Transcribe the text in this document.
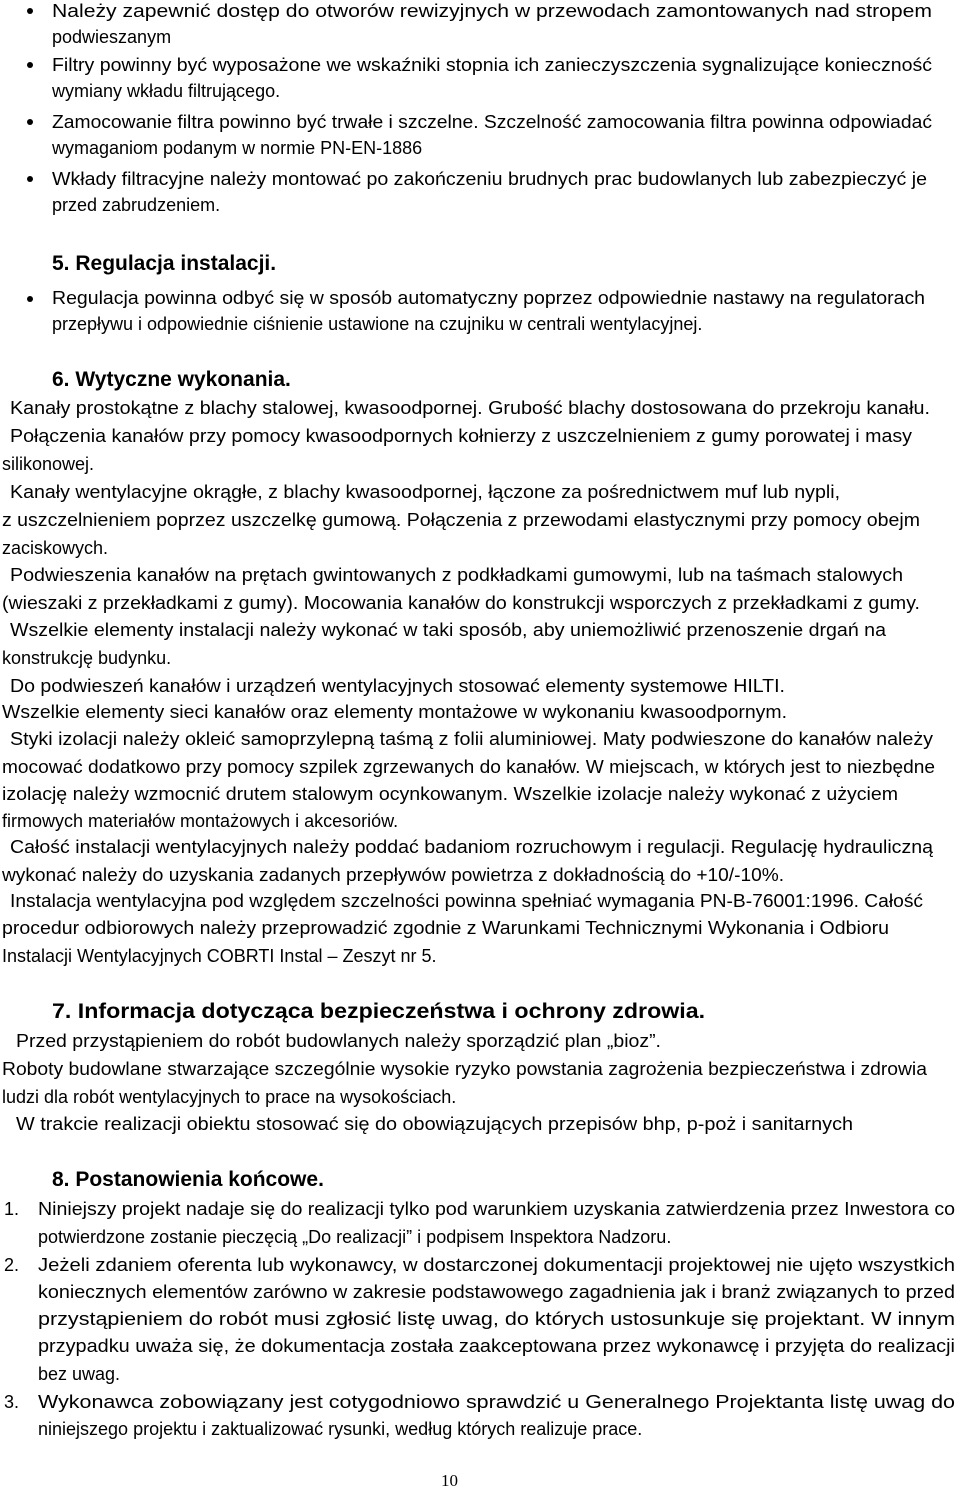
Należy zapewnić dostęp do otworów rewizyjnych w przewodach zamontowanych nad stropem
podwieszanym
Filtry powinny być wyposażone we wskaźniki stopnia ich zanieczyszczenia sygnalizujące konieczność
wymiany wkładu filtrującego.
Zamocowanie filtra powinno być trwałe i szczelne. Szczelność zamocowania filtra powinna odpowiadać
wymaganiom podanym w normie PN-EN-1886
Wkłady filtracyjne należy montować po zakończeniu brudnych prac budowlanych lub zabezpieczyć je
przed zabrudzeniem.
5. Regulacja instalacji.
Regulacja powinna odbyć się w sposób automatyczny poprzez odpowiednie nastawy na regulatorach
przepływu i odpowiednie ciśnienie ustawione na czujniku w centrali wentylacyjnej.
6. Wytyczne wykonania.
Kanały prostokątne z blachy stalowej, kwasoodpornej. Grubość blachy dostosowana do przekroju kanału.
Połączenia kanałów przy pomocy kwasoodpornych kołnierzy z uszczelnieniem z gumy porowatej i masy
silikonowej.
Kanały wentylacyjne okrągłe, z blachy kwasoodpornej, łączone za pośrednictwem muf lub nypli,
z uszczelnieniem poprzez uszczelkę gumową. Połączenia z przewodami elastycznymi przy pomocy obejm
zaciskowych.
Podwieszenia kanałów na prętach gwintowanych z podkładkami gumowymi, lub na taśmach stalowych
(wieszaki z przekładkami z gumy). Mocowania kanałów do konstrukcji wsporczych z przekładkami z gumy.
Wszelkie elementy instalacji należy wykonać w taki sposób, aby uniemożliwić przenoszenie drgań na
konstrukcję budynku.
Do podwieszeń kanałów i urządzeń wentylacyjnych stosować elementy systemowe HILTI.
Wszelkie elementy sieci kanałów oraz elementy montażowe w wykonaniu kwasoodpornym.
Styki izolacji należy okleić samoprzylepną taśmą z folii aluminiowej. Maty podwieszone do kanałów należy
mocować dodatkowo przy pomocy szpilek zgrzewanych do kanałów. W miejscach, w których jest to niezbędne
izolację należy wzmocnić drutem stalowym ocynkowanym. Wszelkie izolacje należy wykonać z użyciem
firmowych materiałów montażowych i akcesoriów.
Całość instalacji wentylacyjnych należy poddać badaniom rozruchowym i regulacji. Regulację hydrauliczną
wykonać należy do uzyskania zadanych przepływów powietrza z dokładnością do +10/-10%.
Instalacja wentylacyjna pod względem szczelności powinna spełniać wymagania PN-B-76001:1996. Całość
procedur odbiorowych należy przeprowadzić zgodnie z Warunkami Technicznymi Wykonania i Odbioru
Instalacji Wentylacyjnych COBRTI Instal – Zeszyt nr 5.
7. Informacja dotycząca bezpieczeństwa i ochrony zdrowia.
Przed przystąpieniem do robót budowlanych należy sporządzić plan „bioz”.
Roboty budowlane stwarzające szczególnie wysokie ryzyko powstania zagrożenia bezpieczeństwa i zdrowia
ludzi dla robót wentylacyjnych to prace na wysokościach.
W trakcie realizacji obiektu stosować się do obowiązujących przepisów bhp, p-poż i sanitarnych
8. Postanowienia końcowe.
1. Niniejszy projekt nadaje się do realizacji tylko pod warunkiem uzyskania zatwierdzenia przez Inwestora co
potwierdzone zostanie pieczęcią „Do realizacji” i podpisem Inspektora Nadzoru.
2. Jeżeli zdaniem oferenta lub wykonawcy, w dostarczonej dokumentacji projektowej nie ujęto wszystkich
koniecznych elementów zarówno w zakresie podstawowego zagadnienia jak i branż związanych to przed
przystąpieniem do robót musi zgłosić listę uwag, do których ustosunkuje się projektant. W innym
przypadku uważa się, że dokumentacja została zaakceptowana przez wykonawcę i przyjęta do realizacji
bez uwag.
3. Wykonawca zobowiązany jest cotygodniowo sprawdzić u Generalnego Projektanta listę uwag do
niniejszego projektu i zaktualizować rysunki, według których realizuje prace.
10
